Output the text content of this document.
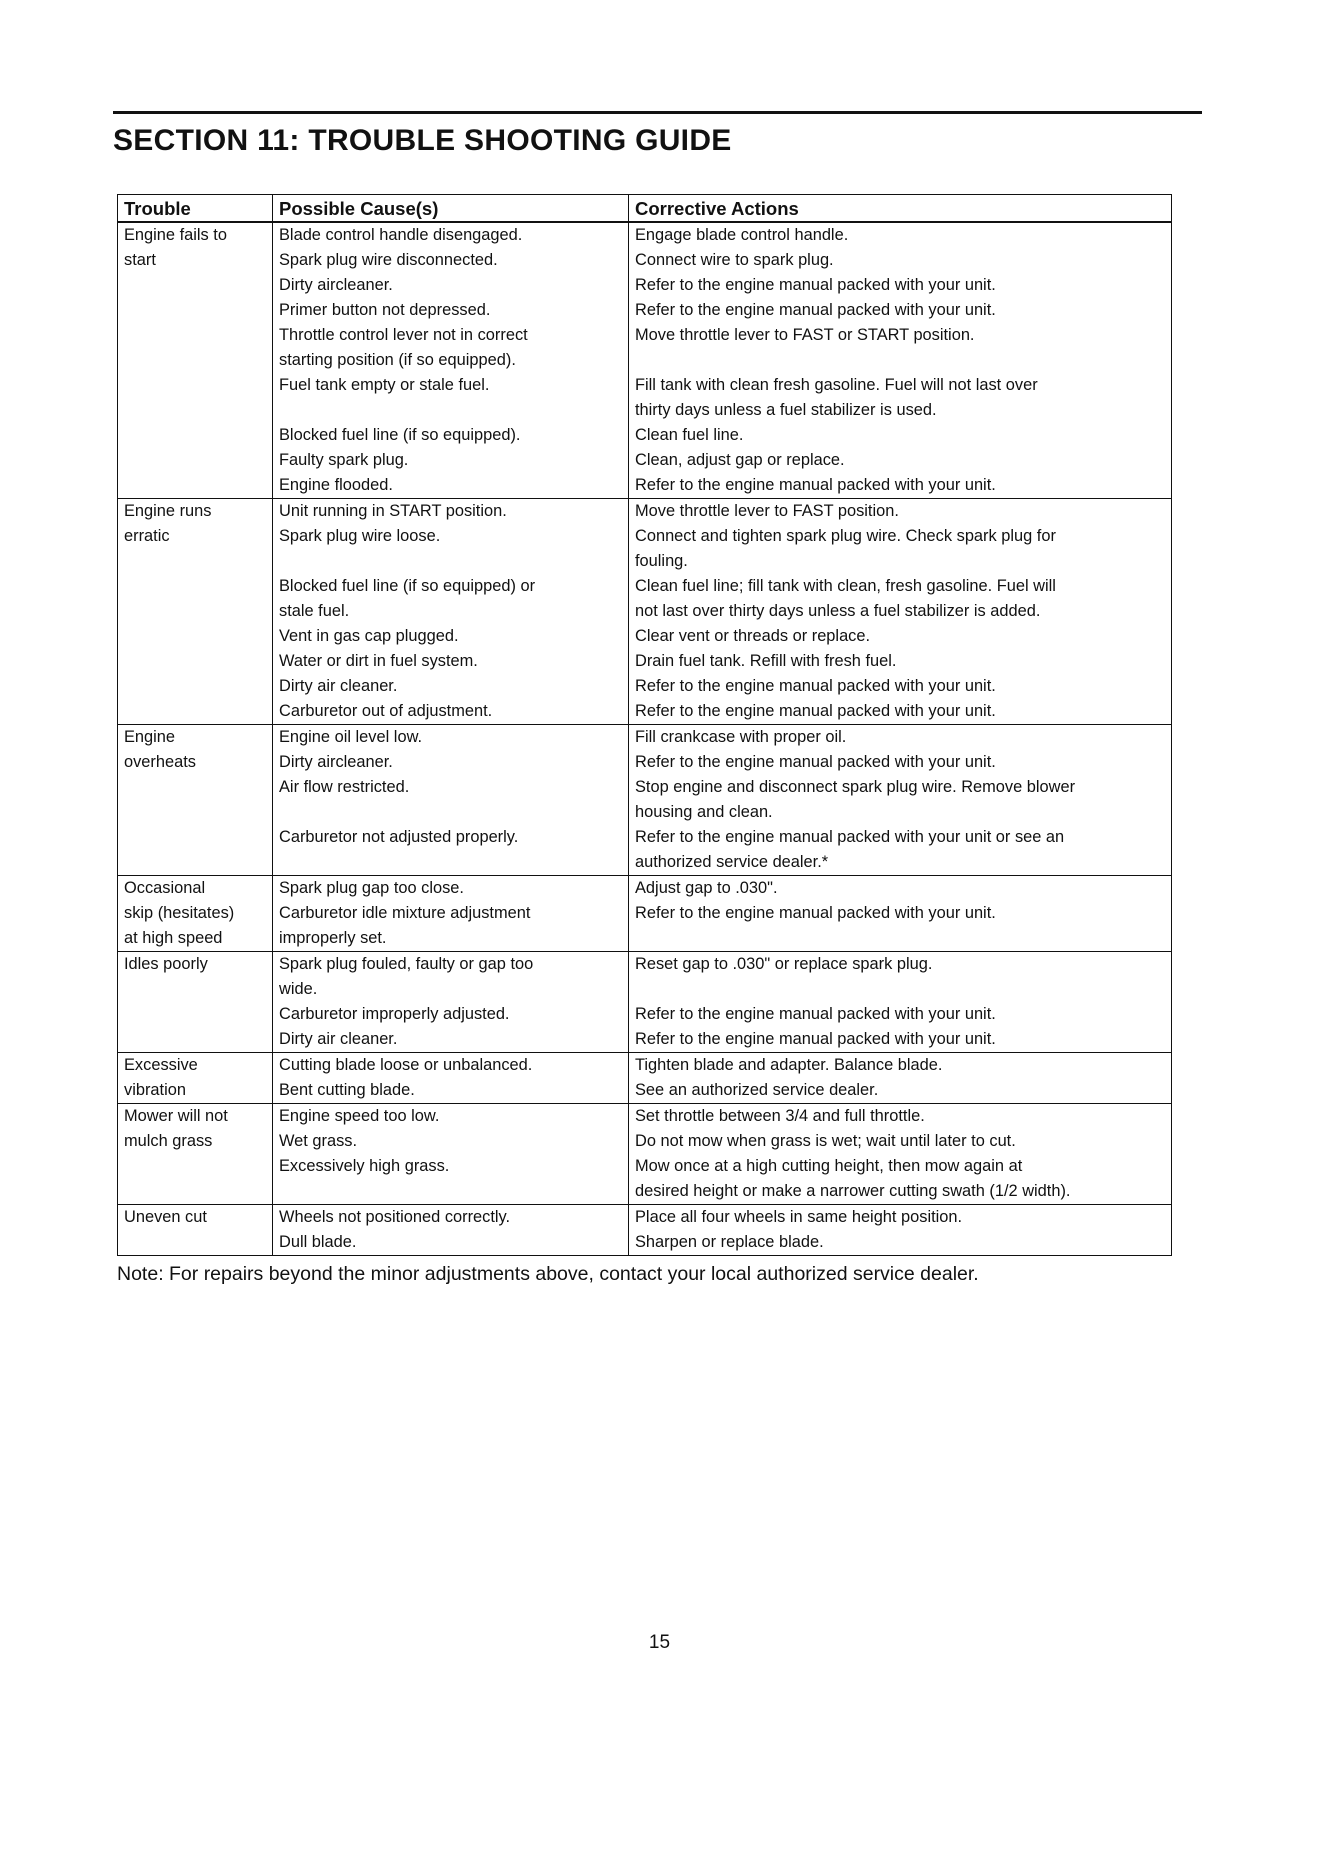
SECTION 11: TROUBLE SHOOTING GUIDE
Trouble	Possible Cause(s)	Corrective Actions

Engine fails to
start	Blade control handle disengaged.	Engage blade control handle.

	Spark plug wire disconnected.	Connect wire to spark plug.

	Dirty aircleaner.	Refer to the engine manual packed with your unit.

	Primer button not depressed.	Refer to the engine manual packed with your unit.

	Throttle control lever not in correct
starting position (if so equipped).	Move throttle lever to FAST or START position.

	Fuel tank empty or stale fuel.	Fill tank with clean fresh gasoline. Fuel will not last over
thirty days unless a fuel stabilizer is used.

	Blocked fuel line (if so equipped).	Clean fuel line.

	Faulty spark plug.	Clean, adjust gap or replace.

	Engine flooded.	Refer to the engine manual packed with your unit.

Engine runs
erratic	Unit running in START position.	Move throttle lever to FAST position.

	Spark plug wire loose.	Connect and tighten spark plug wire. Check spark plug for
fouling.

	Blocked fuel line (if so equipped) or
stale fuel.	Clean fuel line; fill tank with clean, fresh gasoline. Fuel will
not last over thirty days unless a fuel stabilizer is added.

	Vent in gas cap plugged.	Clear vent or threads or replace.

	Water or dirt in fuel system.	Drain fuel tank. Refill with fresh fuel.

	Dirty air cleaner.	Refer to the engine manual packed with your unit.

	Carburetor out of adjustment.	Refer to the engine manual packed with your unit.

Engine
overheats	Engine oil level low.	Fill crankcase with proper oil.

	Dirty aircleaner.	Refer to the engine manual packed with your unit.

	Air flow restricted.	Stop engine and disconnect spark plug wire. Remove blower
housing and clean.

	Carburetor not adjusted properly.	Refer to the engine manual packed with your unit or see an
authorized service dealer.*

Occasional
skip (hesitates)
at high speed	Spark plug gap too close.	Adjust gap to .030".

	Carburetor idle mixture adjustment
improperly set.	Refer to the engine manual packed with your unit.

Idles poorly	Spark plug fouled, faulty or gap too
wide.	Reset gap to .030" or replace spark plug.

	Carburetor improperly adjusted.	Refer to the engine manual packed with your unit.

	Dirty air cleaner.	Refer to the engine manual packed with your unit.

Excessive
vibration	Cutting blade loose or unbalanced.	Tighten blade and adapter. Balance blade.

	Bent cutting blade.	See an authorized service dealer.

Mower will not
mulch grass	Engine speed too low.	Set throttle between 3/4 and full throttle.

	Wet grass.	Do not mow when grass is wet; wait until later to cut.

	Excessively high grass.	Mow once at a high cutting height, then mow again at
desired height or make a narrower cutting swath (1/2 width).

Uneven cut	Wheels not positioned correctly.	Place all four wheels in same height position.

	Dull blade.	Sharpen or replace blade.

Note: For repairs beyond the minor adjustments above, contact your local authorized service dealer.

15
